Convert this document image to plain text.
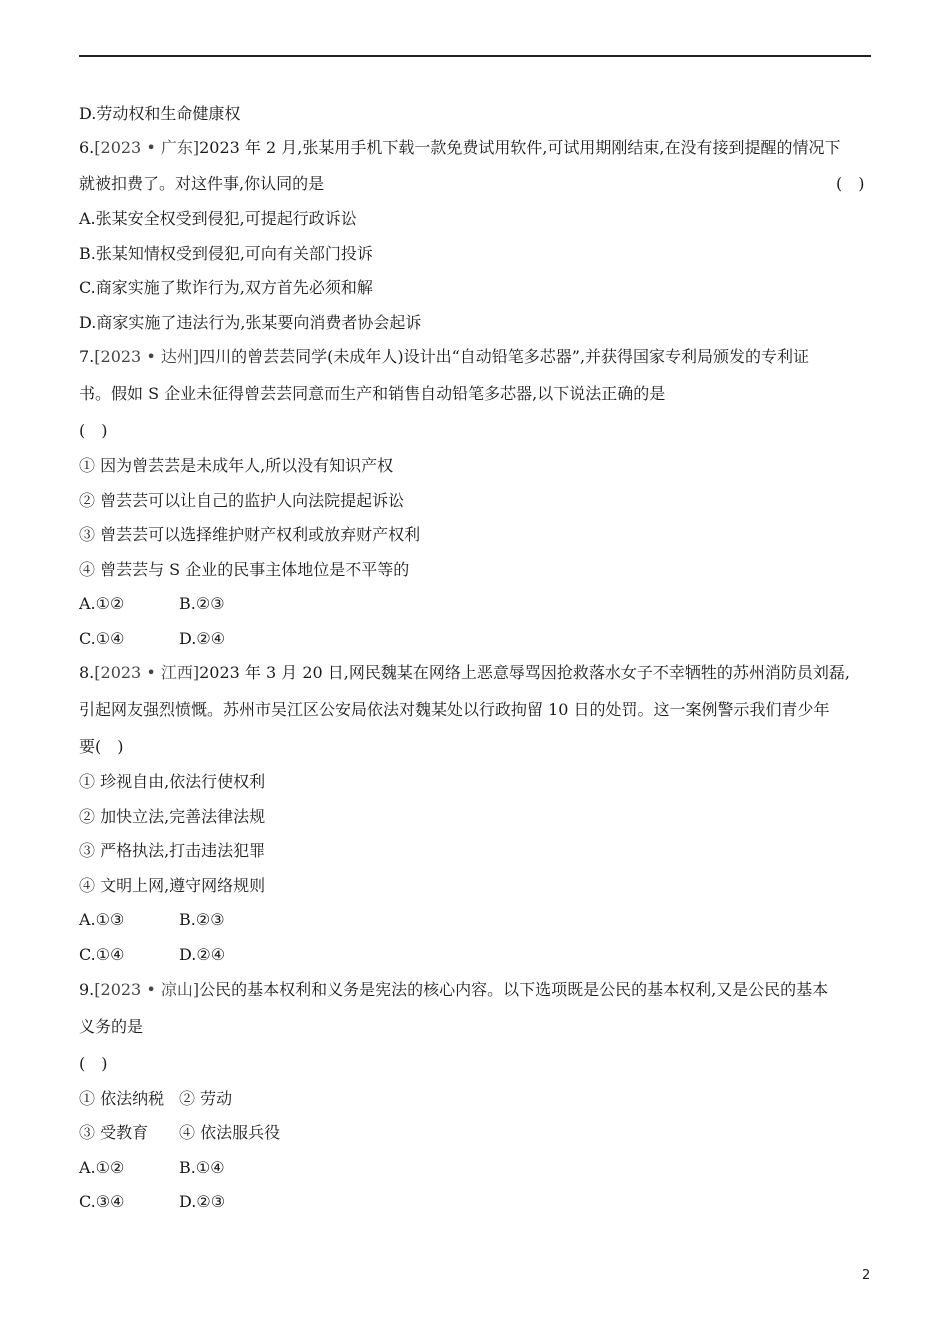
D.劳动权和生命健康权
6.[2023 • 广东]2023 年 2 月,张某用手机下载一款免费试用软件,可试用期刚结束,在没有接到提醒的情况下
就被扣费了。对这件事,你认同的是	(　)
A.张某安全权受到侵犯,可提起行政诉讼
B.张某知情权受到侵犯,可向有关部门投诉
C.商家实施了欺诈行为,双方首先必须和解
D.商家实施了违法行为,张某要向消费者协会起诉
7.[2023 • 达州]四川的曾芸芸同学(未成年人)设计出“自动铅笔多芯器”,并获得国家专利局颁发的专利证
书。假如 S 企业未征得曾芸芸同意而生产和销售自动铅笔多芯器,以下说法正确的是
(　)
① 因为曾芸芸是未成年人,所以没有知识产权
② 曾芸芸可以让自己的监护人向法院提起诉讼
③ 曾芸芸可以选择维护财产权利或放弃财产权利
④ 曾芸芸与 S 企业的民事主体地位是不平等的
A.①②	B.②③
C.①④	D.②④
8.[2023 • 江西]2023 年 3 月 20 日,网民魏某在网络上恶意辱骂因抢救落水女子不幸牺牲的苏州消防员刘磊,
引起网友强烈愤慨。苏州市吴江区公安局依法对魏某处以行政拘留 10 日的处罚。这一案例警示我们青少年
要(　)
① 珍视自由,依法行使权利
② 加快立法,完善法律法规
③ 严格执法,打击违法犯罪
④ 文明上网,遵守网络规则
A.①③	B.②③
C.①④	D.②④
9.[2023 • 凉山]公民的基本权利和义务是宪法的核心内容。以下选项既是公民的基本权利,又是公民的基本
义务的是
(　)
① 依法纳税 ② 劳动
③ 受教育 ④ 依法服兵役
A.①②	B.①④
C.③④	D.②③
2
